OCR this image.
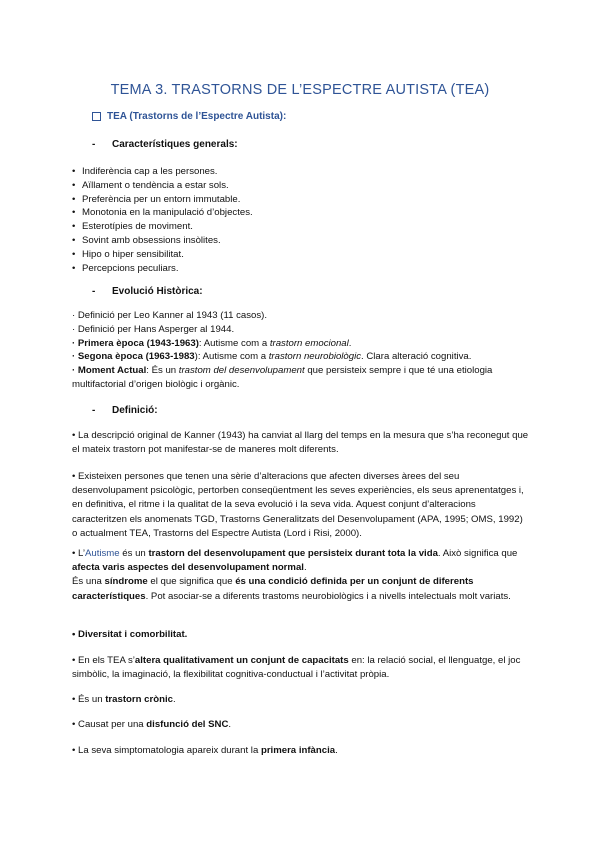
TEMA 3. TRASTORNS DE L’ESPECTRE AUTISTA (TEA)
TEA (Trastorns de l’Espectre Autista):
-	Característiques generals:
• Indiferència cap a les persones.
• Aïllament o tendència a estar sols.
• Preferència per un entorn immutable.
• Monotonia en la manipulació d’objectes.
• Esterotípies de moviment.
• Sovint amb obsessions insòlites.
• Hipo o hiper sensibilitat.
• Percepcions peculiars.
-	Evolució Històrica:
· Definició per Leo Kanner al 1943 (11 casos).
· Definició per Hans Asperger al 1944.
· Primera època (1943-1963): Autisme com a trastorn emocional.
· Segona època (1963-1983): Autisme com a trastorn neurobiològic. Clara alteració cognitiva.
· Moment Actual: És un trastom del desenvolupament que persisteix sempre i que té una etiologia multifactorial d’origen biològic i orgànic.
-	Definició:
• La descripció original de Kanner (1943) ha canviat al llarg del temps en la mesura que s’ha reconegut que el mateix trastorn pot manifestar-se de maneres molt diferents.
• Existeixen persones que tenen una sèrie d’alteracions que afecten diverses àrees del seu desenvolupament psicològic, pertorben conseqüentment les seves experiències, els seus aprenentatges i, en definitiva, el ritme i la qualitat de la seva evolució i la seva vida. Aquest conjunt d’alteracions caracteritzen els anomenats TGD, Trastorns Generalitzats del Desenvolupament (APA, 1995; OMS, 1992) o actualment TEA, Trastorns del Espectre Autista (Lord i Risi, 2000).
• L’Autisme és un trastorn del desenvolupament que persisteix durant tota la vida. Això significa que afecta varis aspectes del desenvolupament normal.
És una síndrome el que significa que és una condició definida per un conjunt de diferents característiques. Pot asociar-se a diferents trastoms neurobiològics i a nivells intelectuals molt variats.
• Diversitat i comorbilitat.
• En els TEA s’altera qualitativament un conjunt de capacitats en: la relació social, el llenguatge, el joc simbòlic, la imaginació, la flexibilitat cognitiva-conductual i l’activitat pròpia.
• És un trastorn crònic.
• Causat per una disfunció del SNC.
• La seva simptomatologia apareix durant la primera infància.
